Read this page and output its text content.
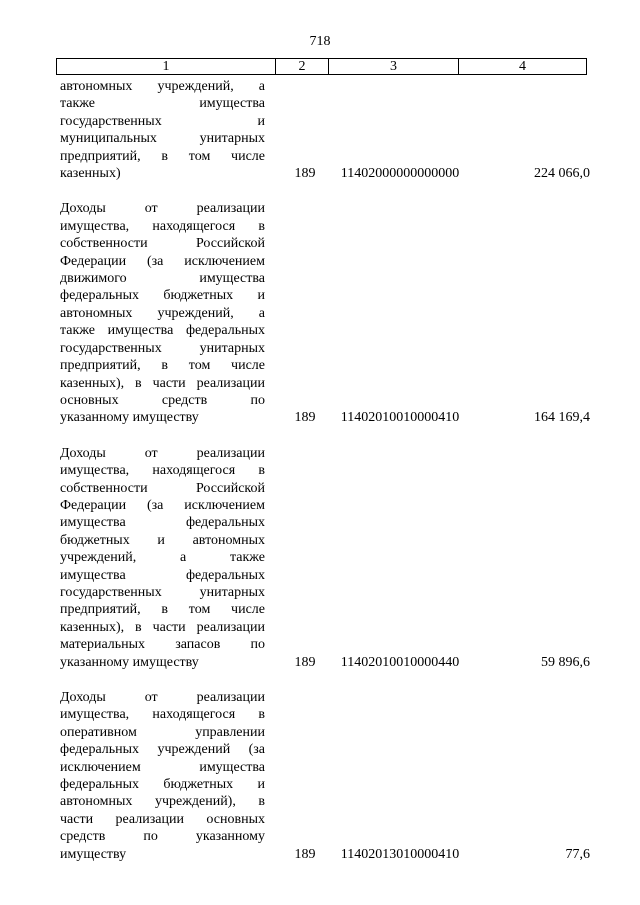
718
1	2	3	4
автономных учреждений, а
также имущества
государственных и
муниципальных унитарных
предприятий, в том числе
казенных)	189	11402000000000000	224 066,0
Доходы от реализации
имущества, находящегося в
собственности Российской
Федерации (за исключением
движимого имущества
федеральных бюджетных и
автономных учреждений, а
также имущества федеральных
государственных унитарных
предприятий, в том числе
казенных), в части реализации
основных средств по
указанному имуществу	189	11402010010000410	164 169,4
Доходы от реализации
имущества, находящегося в
собственности Российской
Федерации (за исключением
имущества федеральных
бюджетных и автономных
учреждений, а также
имущества федеральных
государственных унитарных
предприятий, в том числе
казенных), в части реализации
материальных запасов по
указанному имуществу	189	11402010010000440	59 896,6
Доходы от реализации
имущества, находящегося в
оперативном управлении
федеральных учреждений (за
исключением имущества
федеральных бюджетных и
автономных учреждений), в
части реализации основных
средств по указанному
имуществу	189	11402013010000410	77,6
